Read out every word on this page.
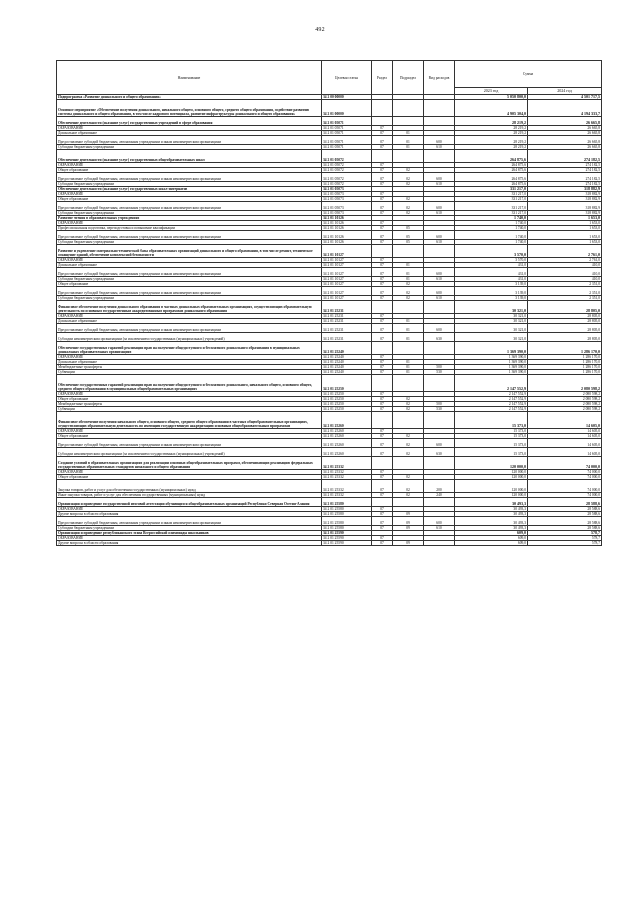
492
Наименование	Целевая статья	Раздел	Подраздел	Вид расходов	Сумма	
					2023 год	2024 год
Подпрограмма «Развитие дошкольного и общего образования»	34 2 00 00000				5 050 800,0	4 501 717,5
Основное мероприятие «Обеспечение получения дошкольного, начального общего, основного общего, среднего общего образования, содействие развитию системы дошкольного и общего образования, в том числе кадрового потенциала, развитие инфраструктуры дошкольного и общего образования»	34 2 01 00000				4 905 304,0	4 194 333,7
Обеспечение деятельности (оказание услуг) государственных учреждений в сфере образования	34 2 01 05071				28 219,2	26 665,8
ОБРАЗОВАНИЕ	34 2 01 05071	07			28 219,2	26 665,8
Дошкольное образование	34 2 01 05071	07	01		28 219,2	26 665,8
Предоставление субсидий бюджетным, автономным учреждениям и иным некоммерческим организациям	34 2 01 05071	07	01	600	28 219,2	26 665,8
Субсидии бюджетным учреждениям	34 2 01 05071	07	01	610	28 219,2	26 665,8
Обеспечение деятельности (оказание услуг) государственных общеобразовательных школ	34 2 01 05072				264 875,6	274 182,5
ОБРАЗОВАНИЕ	34 2 01 05072	07			264 875,6	274 182,5
Общее образование	34 2 01 05072	07	02		264 875,6	274 182,5
Предоставление субсидий бюджетным, автономным учреждениям и иным некоммерческим организациям	34 2 01 05072	07	02	600	264 875,6	274 182,5
Субсидии бюджетным учреждениям	34 2 01 05072	07	02	610	264 875,6	274 182,5
Обеспечение деятельности (оказание услуг) государственных школ-интернатов	34 2 01 05073				331 217,0	318 882,9
ОБРАЗОВАНИЕ	34 2 01 05073	07			331 217,0	318 882,9
Общее образование	34 2 01 05073	07	02		331 217,0	318 882,9
Предоставление субсидий бюджетным, автономным учреждениям и иным некоммерческим организациям	34 2 01 05073	07	02	600	331 217,0	318 882,9
Субсидии бюджетным учреждениям	34 2 01 05073	07	02	610	331 217,0	318 882,9
Развитие чтения в образовательных учреждениях	34 2 01 10126				1 740,0	1 653,0
ОБРАЗОВАНИЕ	34 2 01 10126	07			1 740,0	1 653,0
Профессиональная подготовка, переподготовка и повышение квалификации	34 2 01 10126	07	05		1 740,0	1 653,0
Предоставление субсидий бюджетным, автономным учреждениям и иным некоммерческим организациям	34 2 01 10126	07	05	600	1 740,0	1 653,0
Субсидии бюджетным учреждениям	34 2 01 10126	07	05	610	1 740,0	1 653,0
Развитие и укрепление материально-технической базы образовательных организаций дошкольного и общего образования, в том числе ремонт, техническое оснащение зданий, обеспечение комплексной безопасности	34 2 01 10127				3 570,0	2 761,0
ОБРАЗОВАНИЕ	34 2 01 10127	07			3 570,0	2 761,0
Дошкольное образование	34 2 01 10127	07	01		431,0	410,0
Предоставление субсидий бюджетным, автономным учреждениям и иным некоммерческим организациям	34 2 01 10127	07	01	600	431,0	410,0
Субсидии бюджетным учреждениям	34 2 01 10127	07	01	610	431,0	410,0
Общее образование	34 2 01 10127	07	02		3 139,0	2 351,0
Предоставление субсидий бюджетным, автономным учреждениям и иным некоммерческим организациям	34 2 01 10127	07	02	600	3 139,0	2 351,0
Субсидии бюджетным учреждениям	34 2 01 10127	07	02	610	3 139,0	2 351,0
Финансовое обеспечение получения дошкольного образования в частных дошкольных образовательных организациях, осуществляющих образовательную деятельность по основным государственным аккредитованным программам дошкольного образования	34 2 01 25231				30 321,0	28 805,0
ОБРАЗОВАНИЕ	34 2 01 25231	07			30 321,0	28 805,0
Дошкольное образование	34 2 01 25231	07	01		30 321,0	28 805,0
Предоставление субсидий бюджетным, автономным учреждениям и иным некоммерческим организациям	34 2 01 25231	07	01	600	30 321,0	28 805,0
Субсидии некоммерческим организациям (за исключением государственных (муниципальных) учреждений)	34 2 01 25231	07	01	630	30 321,0	28 805,0
Обеспечение государственных гарантий реализации прав на получение общедоступного и бесплатного дошкольного образования в муниципальных дошкольных образовательных организациях	34 2 01 25240				1 369 390,0	1 286 170,0
ОБРАЗОВАНИЕ	34 2 01 25240	07			1 369 390,0	1 286 170,0
Дошкольное образование	34 2 01 25240	07	01		1 369 390,0	1 286 170,0
Межбюджетные трансферты	34 2 01 25240	07	01	500	1 369 390,0	1 286 170,0
Субвенции	34 2 01 25240	07	01	530	1 369 390,0	1 286 170,0
Обеспечение государственных гарантий реализации прав на получение общедоступного и бесплатного дошкольного, начального общего, основного общего, среднего общего образования в муниципальных общеобразовательных организациях	34 2 01 25250				2 147 552,9	2 080 598,2
ОБРАЗОВАНИЕ	34 2 01 25250	07			2 147 552,9	2 080 598,2
Общее образование	34 2 01 25250	07	02		2 147 552,9	2 080 598,2
Межбюджетные трансферты	34 2 01 25250	07	02	500	2 147 552,9	2 080 598,2
Субвенции	34 2 01 25250	07	02	530	2 147 552,9	2 080 598,2
Финансовое обеспечение получения начального общего, основного общего, среднего общего образования в частных общеобразовательных организациях, осуществляющих образовательную деятельность по имеющим государственную аккредитацию основным общеобразовательным программам	34 2 01 25260				15 373,0	14 605,0
ОБРАЗОВАНИЕ	34 2 01 25260	07			15 373,0	14 605,0
Общее образование	34 2 01 25260	07	02		15 373,0	14 605,0
Предоставление субсидий бюджетным, автономным учреждениям и иным некоммерческим организациям	34 2 01 25260	07	02	600	15 373,0	14 605,0
Субсидии некоммерческим организациям (за исключением государственных (муниципальных) учреждений)	34 2 01 25260	07	02	630	15 373,0	14 605,0
Создание условий в образовательных организациях для реализации основных общеобразовательных программ, обеспечивающих реализацию федеральных государственных образовательных стандартов начального и общего образования	34 2 01 25332				120 000,0	74 000,0
ОБРАЗОВАНИЕ	34 2 01 25332	07			120 000,0	74 000,0
Общее образование	34 2 01 25332	07	02		120 000,0	74 000,0
Закупка товаров, работ и услуг для обеспечения государственных (муниципальных) нужд	34 2 01 25332	07	02	200	120 000,0	74 000,0
Иные закупки товаров, работ и услуг для обеспечения государственных (муниципальных) нужд	34 2 01 25332	07	02	240	120 000,0	74 000,0
Организация и проведение государственной итоговой аттестации обучающихся общеобразовательных организаций Республики Северная Осетия-Алания	34 2 01 25580				30 493,3	28 588,6
ОБРАЗОВАНИЕ	34 2 01 25580	07			30 493,3	28 588,6
Другие вопросы в области образования	34 2 01 25580	07	09		30 493,3	28 588,6
Предоставление субсидий бюджетным, автономным учреждениям и иным некоммерческим организациям	34 2 01 25580	07	09	600	30 493,3	28 588,6
Субсидии бюджетным учреждениям	34 2 01 25580	07	09	610	30 493,3	28 588,6
Организация и проведение республиканского этапа Всероссийской олимпиады школьников	34 2 01 25590				609,0	578,7
ОБРАЗОВАНИЕ	34 2 01 25590	07			609,0	578,7
Другие вопросы в области образования	34 2 01 25590	07	09		609,0	578,7
